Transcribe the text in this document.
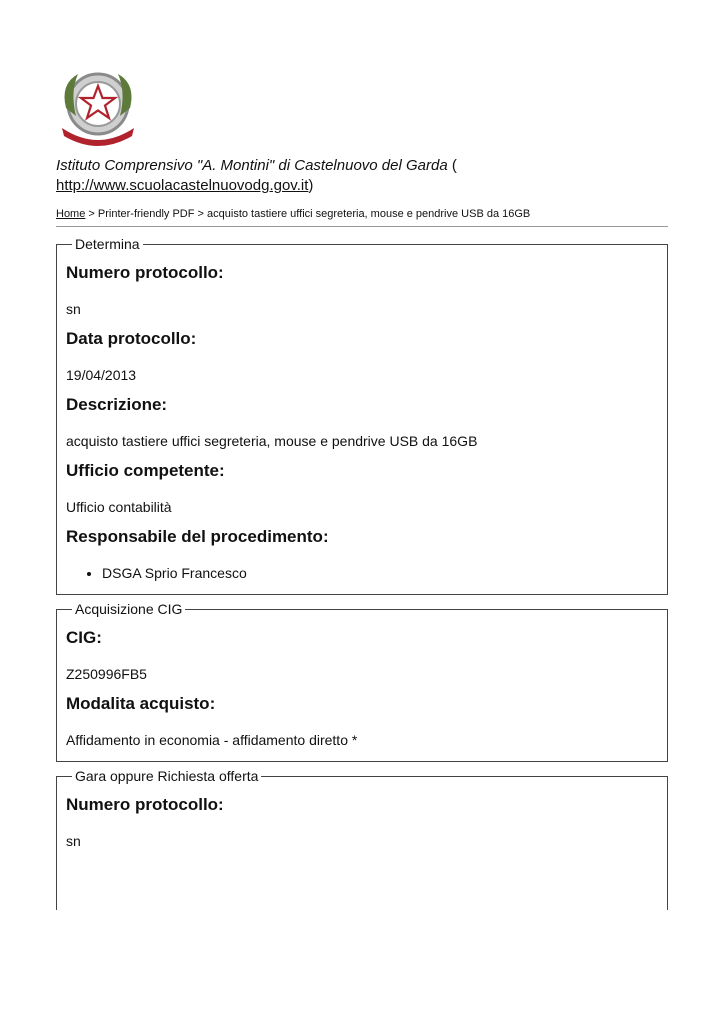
Istituto Comprensivo "A. Montini" di Castelnuovo del Garda (
http://www.scuolacastelnuovodg.gov.it)
Home > Printer-friendly PDF > acquisto tastiere uffici segreteria, mouse e pendrive USB da 16GB
Determina
Numero protocollo:

sn

Data protocollo:

19/04/2013

Descrizione:

acquisto tastiere uffici segreteria, mouse e pendrive USB da 16GB

Ufficio competente:

Ufficio contabilità

Responsabile del procedimento:
• DSGA Sprio Francesco
Acquisizione CIG
CIG:

Z250996FB5

Modalita acquisto:

Affidamento in economia - affidamento diretto *

Gara oppure Richiesta offerta
Numero protocollo:

sn
